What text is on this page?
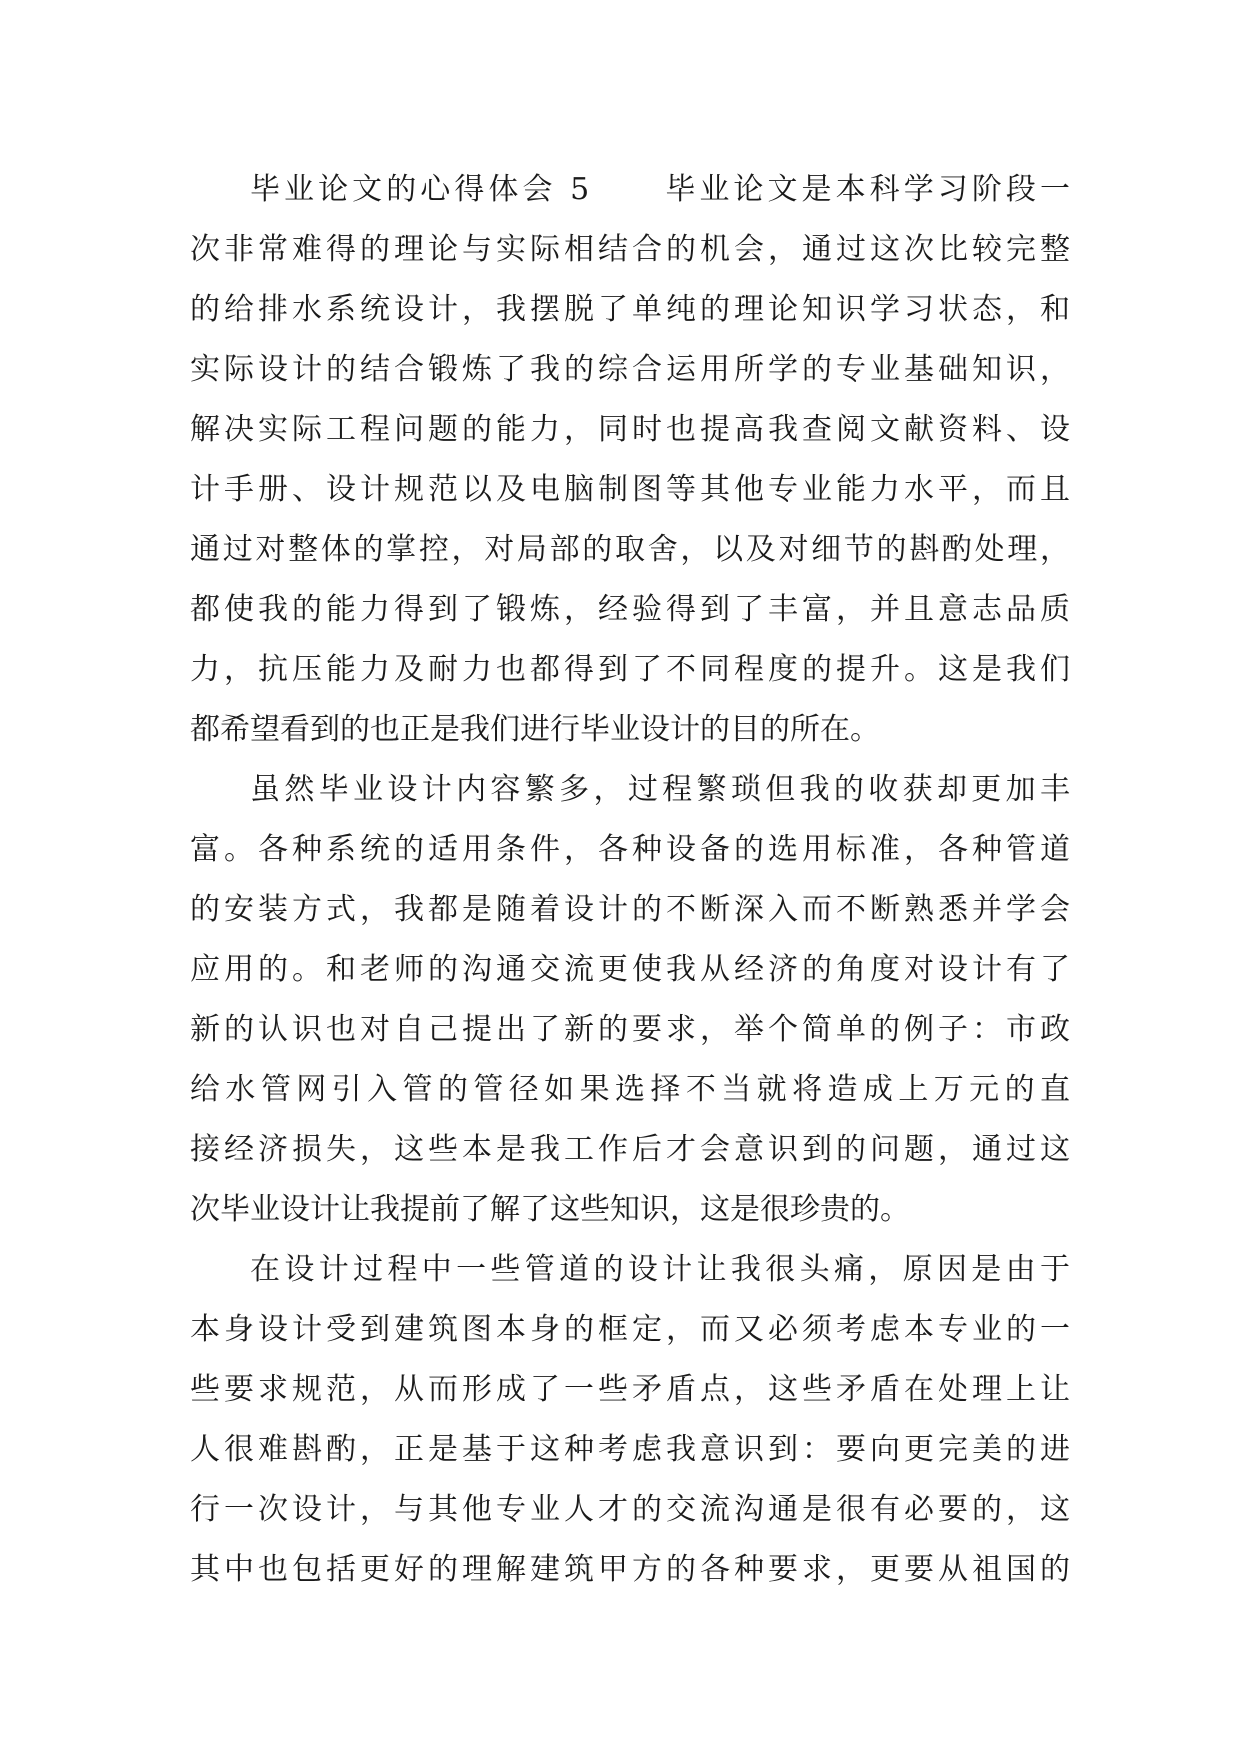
毕业论文的心得体会 5 毕业论文是本科学习阶段一
次非常难得的理论与实际相结合的机会，通过这次比较完整
的给排水系统设计，我摆脱了单纯的理论知识学习状态，和
实际设计的结合锻炼了我的综合运用所学的专业基础知识，
解决实际工程问题的能力，同时也提高我查阅文献资料、设
计手册、设计规范以及电脑制图等其他专业能力水平，而且
通过对整体的掌控，对局部的取舍，以及对细节的斟酌处理，
都使我的能力得到了锻炼，经验得到了丰富，并且意志品质
力，抗压能力及耐力也都得到了不同程度的提升。这是我们
都希望看到的也正是我们进行毕业设计的目的所在。
虽然毕业设计内容繁多，过程繁琐但我的收获却更加丰
富。各种系统的适用条件，各种设备的选用标准，各种管道
的安装方式，我都是随着设计的不断深入而不断熟悉并学会
应用的。和老师的沟通交流更使我从经济的角度对设计有了
新的认识也对自己提出了新的要求，举个简单的例子：市政
给水管网引入管的管径如果选择不当就将造成上万元的直
接经济损失，这些本是我工作后才会意识到的问题，通过这
次毕业设计让我提前了解了这些知识，这是很珍贵的。
在设计过程中一些管道的设计让我很头痛，原因是由于
本身设计受到建筑图本身的框定，而又必须考虑本专业的一
些要求规范，从而形成了一些矛盾点，这些矛盾在处理上让
人很难斟酌，正是基于这种考虑我意识到：要向更完美的进
行一次设计，与其他专业人才的交流沟通是很有必要的，这
其中也包括更好的理解建筑甲方的各种要求，更要从祖国的
